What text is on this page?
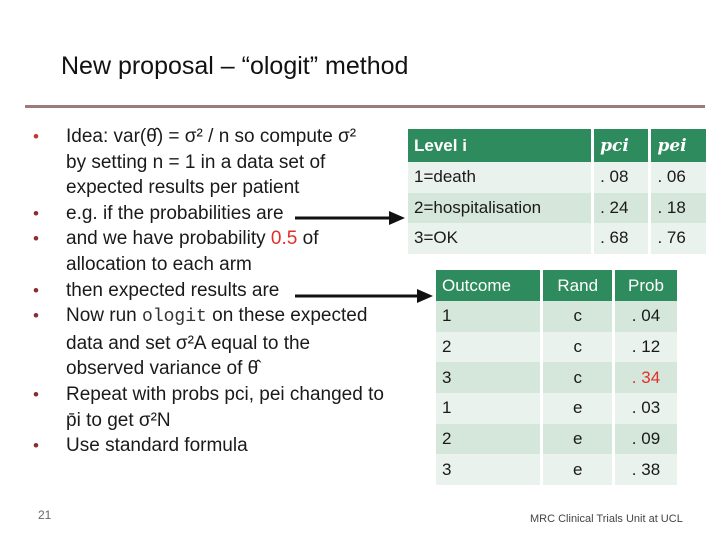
New proposal – “ologit” method
• Idea: var(θ̂) = σ² / n so compute σ²
by setting n = 1 in a data set of
expected results per patient
• e.g. if the probabilities are
• and we have probability 0.5 of
allocation to each arm
• then expected results are
• Now run ologit on these expected
data and set σ²A equal to the
observed variance of θ̂
• Repeat with probs pci, pei changed to
p̄i to get σ²N
• Use standard formula
Level i	pci	pei
1=death	. 08	. 06
2=hospitalisation	. 24	. 18
3=OK	. 68	. 76
Outcome	Rand	Prob
1	c	. 04
2	c	. 12
3	c	. 34
1	e	. 03
2	e	. 09
3	e	. 38
21	MRC Clinical Trials Unit at UCL
